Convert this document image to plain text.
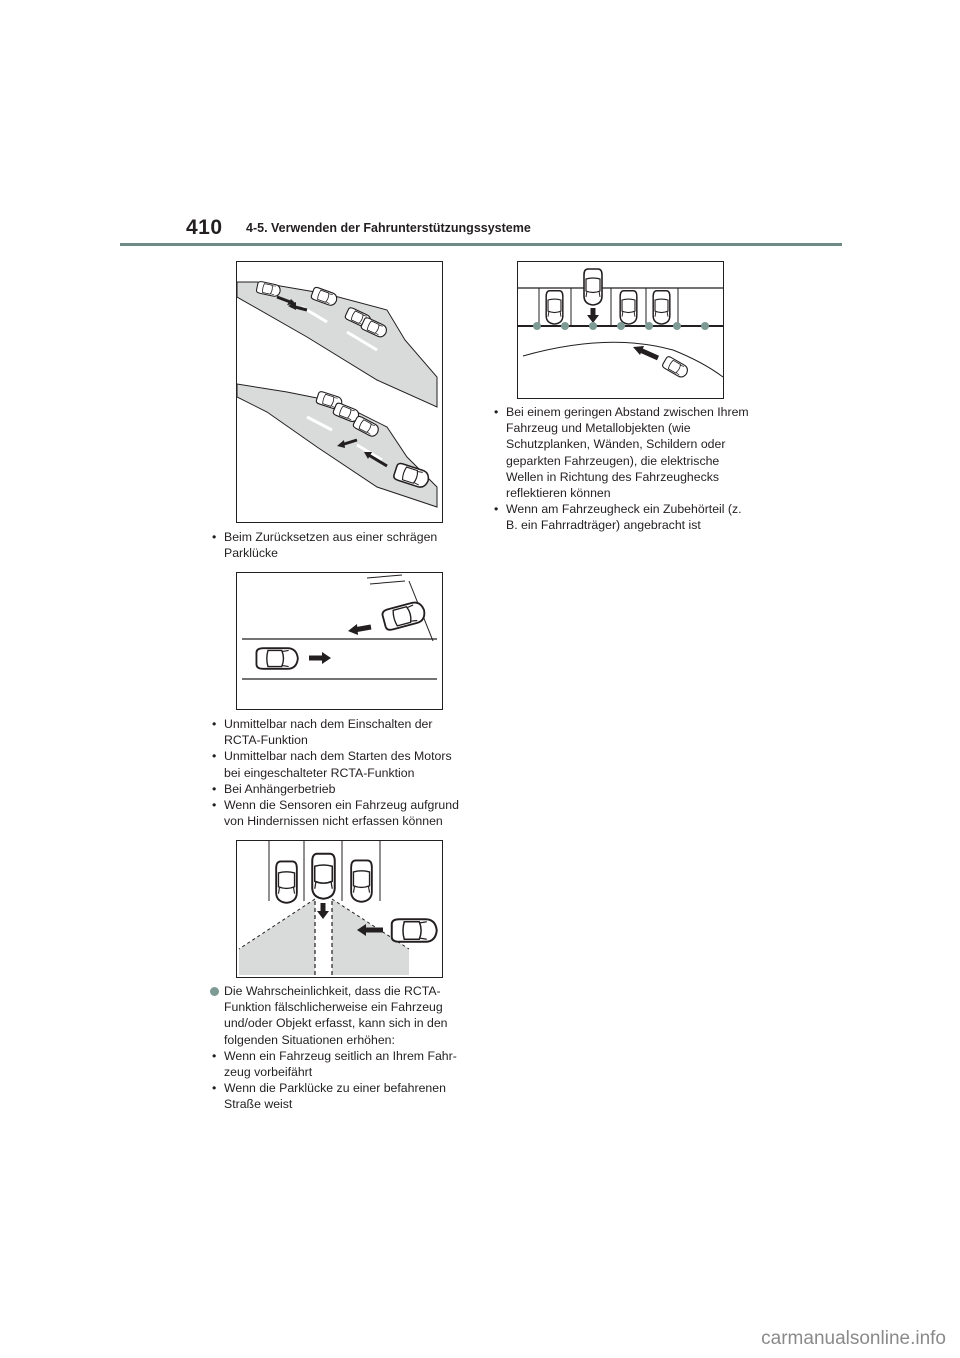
410 4-5. Verwenden der Fahrunterstützungssysteme
• Beim Zurücksetzen aus einer schrägen Parklücke
• Unmittelbar nach dem Einschalten der RCTA-Funktion
• Unmittelbar nach dem Starten des Motors bei eingeschalteter RCTA-Funktion
• Bei Anhängerbetrieb
• Wenn die Sensoren ein Fahrzeug aufgrund von Hindernissen nicht erfassen können
Die Wahrscheinlichkeit, dass die RCTA-Funktion fälschlicherweise ein Fahrzeug und/oder Objekt erfasst, kann sich in den folgenden Situationen erhöhen:
• Wenn ein Fahrzeug seitlich an Ihrem Fahr-zeug vorbeifährt
• Wenn die Parklücke zu einer befahrenen Straße weist
• Bei einem geringen Abstand zwischen Ihrem Fahrzeug und Metallobjekten (wie Schutzplanken, Wänden, Schildern oder geparkten Fahrzeugen), die elektrische Wellen in Richtung des Fahrzeughecks reflektieren können
• Wenn am Fahrzeugheck ein Zubehörteil (z. B. ein Fahrradträger) angebracht ist
carmanualsonline.info
